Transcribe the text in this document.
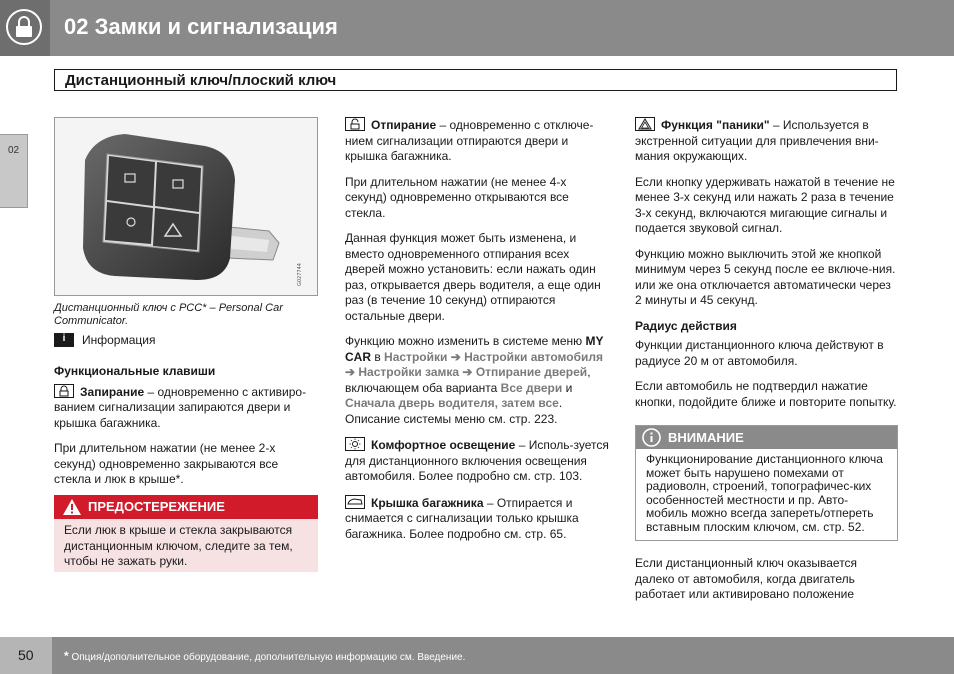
02 Замки и сигнализация
02
Дистанционный ключ/плоский ключ
G027744
Дистанционный ключ с PCC* – Personal Car Communicator.
i	Информация
Функциональные клавиши

Запирание – одновременно с активиро-ванием сигнализации запираются двери и крышка багажника.

При длительном нажатии (не менее 2-х секунд) одновременно закрываются все стекла и люк в крыше*.

ПРЕДОСТЕРЕЖЕНИЕ
Если люк в крыше и стекла закрываются дистанционным ключом, следите за тем, чтобы не зажать руки.

Отпирание – одновременно с отключе-нием сигнализации отпираются двери и крышка багажника.

При длительном нажатии (не менее 4-х секунд) одновременно открываются все стекла.

Данная функция может быть изменена, и вместо одновременного отпирания всех дверей можно установить: если нажать один раз, открывается дверь водителя, а еще один раз (в течение 10 секунд) отпираются остальные двери.

Функцию можно изменить в системе меню MY CAR в Настройки ➔ Настройки автомобиля ➔ Настройки замка ➔ Отпирание дверей, включающем оба варианта Все двери и Сначала дверь водителя, затем все. Описание системы меню см. стр. 223.

Комфортное освещение – Исполь-зуется для дистанционного включения освещения автомобиля. Более подробно см. стр. 103.

Крышка багажника – Отпирается и снимается с сигнализации только крышка багажника. Более подробно см. стр. 65.

Функция "паники" – Используется в экстренной ситуации для привлечения вни-мания окружающих.

Если кнопку удерживать нажатой в течение не менее 3-х секунд или нажать 2 раза в течение 3-х секунд, включаются мигающие сигналы и подается звуковой сигнал.

Функцию можно выключить этой же кнопкой минимум через 5 секунд после ее включе-ния. или же она отключается автоматически через 2 минуты и 45 секунд.

Радиус действия

Функции дистанционного ключа действуют в радиусе 20 м от автомобиля.

Если автомобиль не подтвердил нажатие кнопки, подойдите ближе и повторите попытку.

ВНИМАНИЕ
Функционирование дистанционного ключа может быть нарушено помехами от радиоволн, строений, топографичес-ких особенностей местности и пр. Авто-мобиль можно всегда запереть/отпереть вставным плоским ключом, см. стр. 52.

Если дистанционный ключ оказывается далеко от автомобиля, когда двигатель работает или активировано положение

50	* Опция/дополнительное оборудование, дополнительную информацию см. Введение.
